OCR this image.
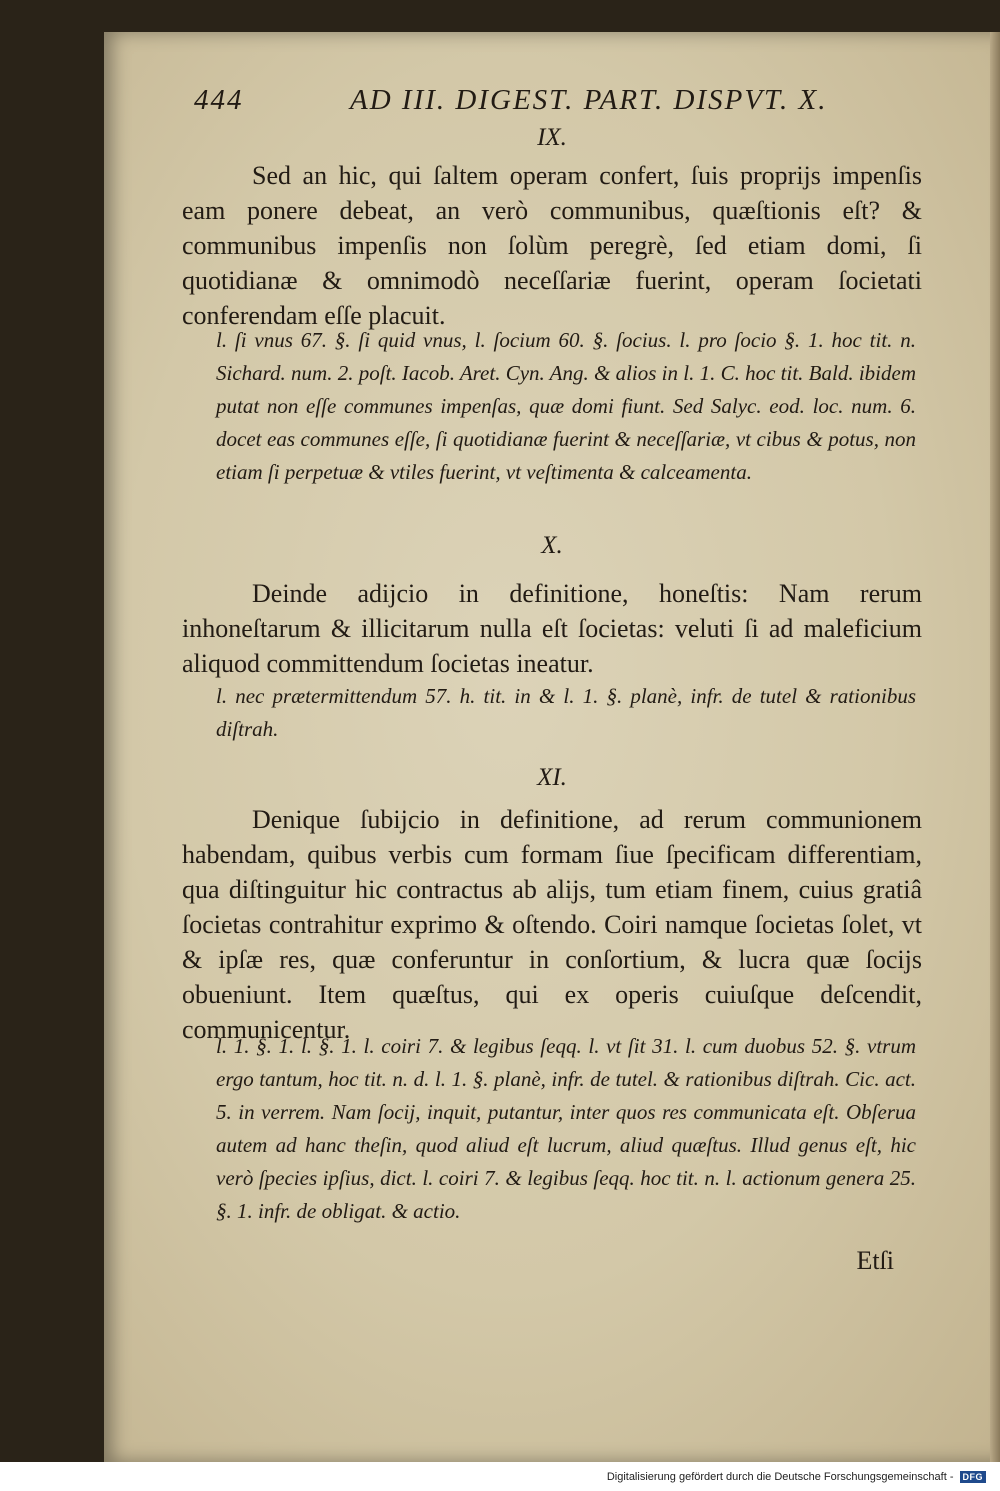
444	AD III. DIGEST. PART. DISPVT. X.
IX.
Sed an hic, qui ſaltem operam confert, ſuis proprijs impenſis eam ponere debeat, an verò communibus, quæſtionis eſt? & communibus impenſis non ſolùm peregrè, ſed etiam domi, ſi quotidianæ & omnimodò neceſſariæ fuerint, operam ſocietati conferendam eſſe placuit.
l. ſi vnus 67. §. ſi quid vnus, l. ſocium 60. §. ſocius. l. pro ſocio §. 1. hoc tit. n. Sichard. num. 2. poſt. Iacob. Aret. Cyn. Ang. & alios in l. 1. C. hoc tit. Bald. ibidem putat non eſſe communes impenſas, quæ domi fiunt. Sed Salyc. eod. loc. num. 6. docet eas communes eſſe, ſi quotidianæ fuerint & neceſſariæ, vt cibus & potus, non etiam ſi perpetuæ & vtiles fuerint, vt veſtimenta & calceamenta.
X.
Deinde adijcio in definitione, honeſtis: Nam rerum inhoneſtarum & illicitarum nulla eſt ſocietas: veluti ſi ad maleficium aliquod committendum ſocietas ineatur.
l. nec prætermittendum 57. h. tit. in & l. 1. §. planè, infr. de tutel & rationibus diſtrah.
XI.
Denique ſubijcio in definitione, ad rerum communionem habendam, quibus verbis cum formam ſiue ſpecificam differentiam, qua diſtinguitur hic contractus ab alijs, tum etiam finem, cuius gratiâ ſocietas contrahitur exprimo & oſtendo. Coiri namque ſocietas ſolet, vt & ipſæ res, quæ conferuntur in conſortium, & lucra quæ ſocijs obueniunt. Item quæſtus, qui ex operis cuiuſque deſcendit, communicentur.
l. 1. §. 1. l. §. 1. l. coiri 7. & legibus ſeqq. l. vt ſit 31. l. cum duobus 52. §. vtrum ergo tantum, hoc tit. n. d. l. 1. §. planè, infr. de tutel. & rationibus diſtrah. Cic. act. 5. in verrem. Nam ſocij, inquit, putantur, inter quos res communicata eſt. Obſerua autem ad hanc theſin, quod aliud eſt lucrum, aliud quæſtus. Illud genus eſt, hic verò ſpecies ipſius, dict. l. coiri 7. & legibus ſeqq. hoc tit. n. l. actionum genera 25. §. 1. infr. de obligat. & actio.
Etſi
Digitalisierung gefördert durch die Deutsche Forschungsgemeinschaft -	DFG
